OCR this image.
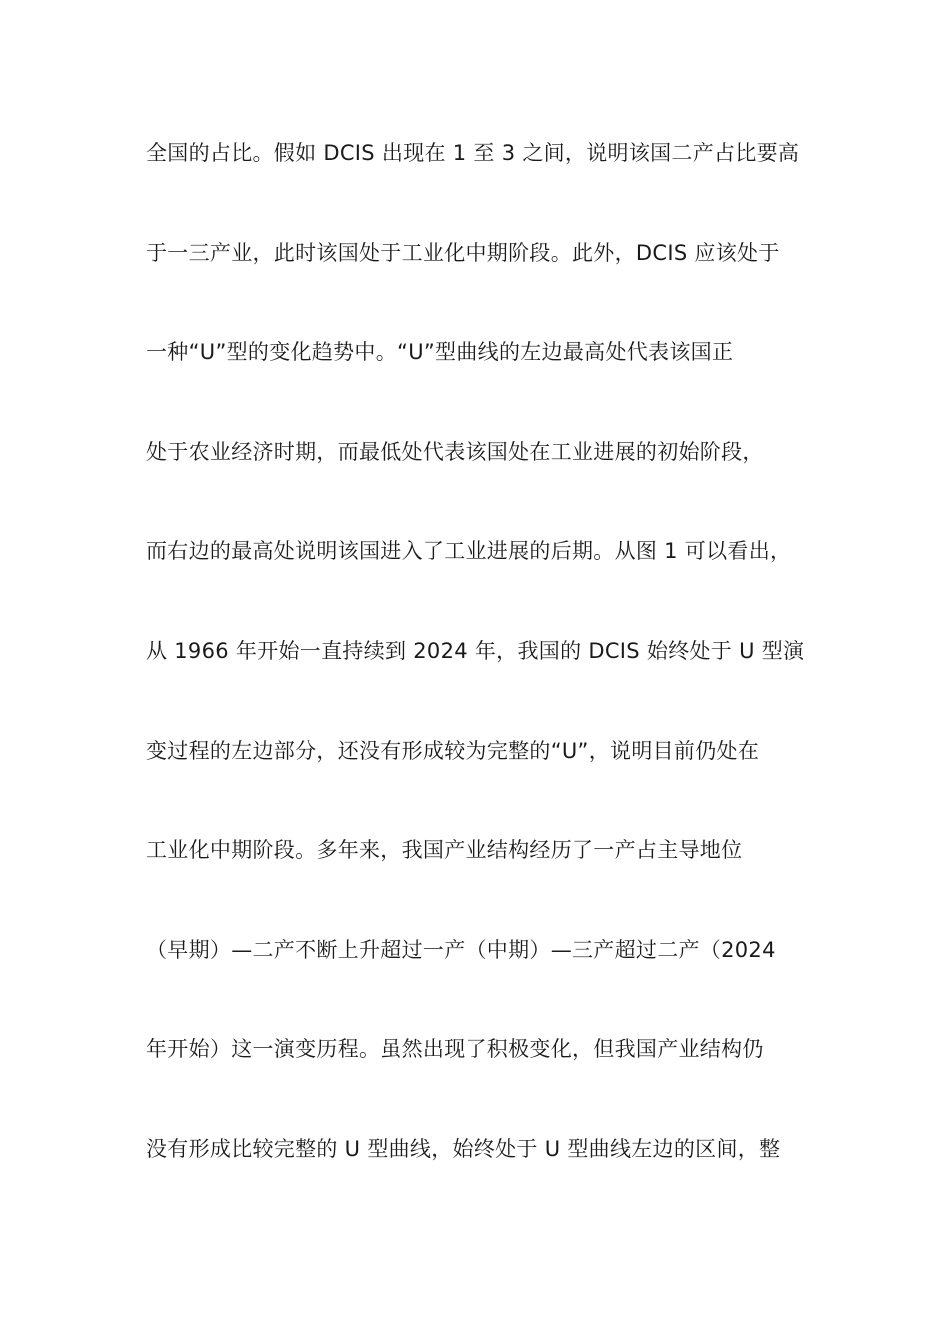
全国的占比。假如 DCIS 出现在 1 至 3 之间，说明该国二产占比要高
于一三产业，此时该国处于工业化中期阶段。此外，DCIS 应该处于
一种“U”型的变化趋势中。“U”型曲线的左边最高处代表该国正
处于农业经济时期，而最低处代表该国处在工业进展的初始阶段，
而右边的最高处说明该国进入了工业进展的后期。从图 1 可以看出，
从 1966 年开始一直持续到 2024 年，我国的 DCIS 始终处于 U 型演
变过程的左边部分，还没有形成较为完整的“U”，说明目前仍处在
工业化中期阶段。多年来，我国产业结构经历了一产占主导地位
（早期）—二产不断上升超过一产（中期）—三产超过二产（2024
年开始）这一演变历程。虽然出现了积极变化，但我国产业结构仍
没有形成比较完整的 U 型曲线，始终处于 U 型曲线左边的区间，整
